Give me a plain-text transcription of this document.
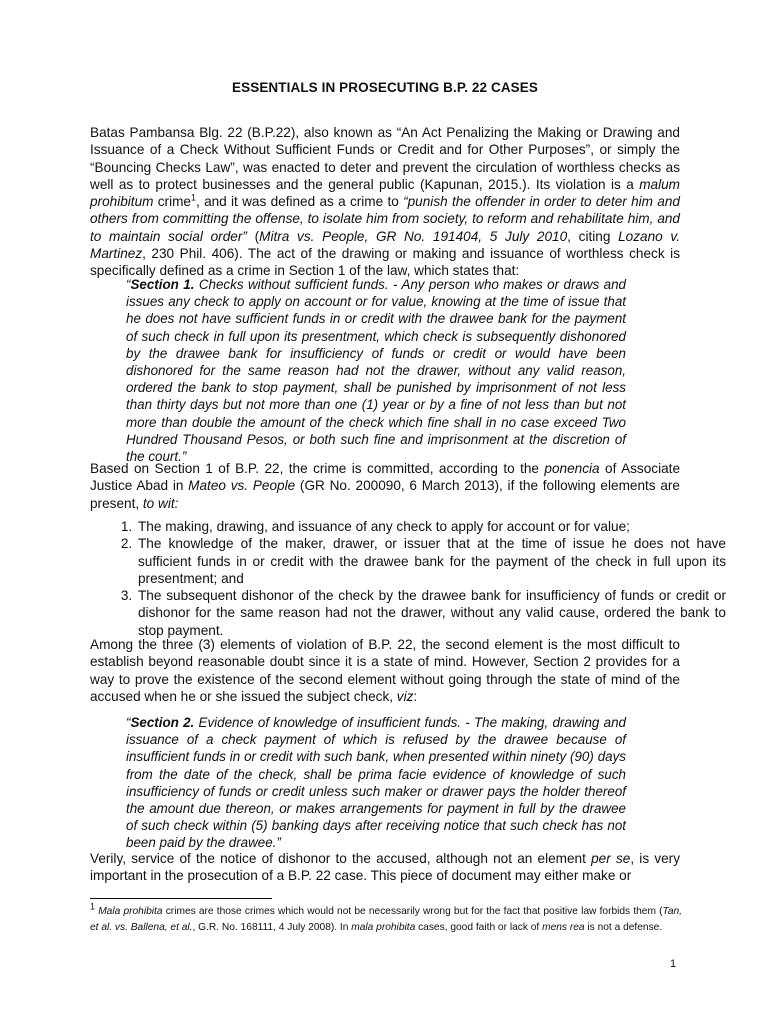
ESSENTIALS IN PROSECUTING B.P. 22 CASES

Batas Pambansa Blg. 22 (B.P.22), also known as “An Act Penalizing the Making or Drawing and Issuance of a Check Without Sufficient Funds or Credit and for Other Purposes”, or simply the “Bouncing Checks Law”, was enacted to deter and prevent the circulation of worthless checks as well as to protect businesses and the general public (Kapunan, 2015.). Its violation is a malum prohibitum crime$^1$, and it was defined as a crime to “punish the offender in order to deter him and others from committing the offense, to isolate him from society, to reform and rehabilitate him, and to maintain social order” (Mitra vs. People, GR No. 191404, 5 July 2010, citing Lozano v. Martinez, 230 Phil. 406). The act of the drawing or making and issuance of worthless check is specifically defined as a crime in Section 1 of the law, which states that:

“Section 1. Checks without sufficient funds. - Any person who makes or draws and issues any check to apply on account or for value, knowing at the time of issue that he does not have sufficient funds in or credit with the drawee bank for the payment of such check in full upon its presentment, which check is subsequently dishonored by the drawee bank for insufficiency of funds or credit or would have been dishonored for the same reason had not the drawer, without any valid reason, ordered the bank to stop payment, shall be punished by imprisonment of not less than thirty days but not more than one (1) year or by a fine of not less than but not more than double the amount of the check which fine shall in no case exceed Two Hundred Thousand Pesos, or both such fine and imprisonment at the discretion of the court.”

Based on Section 1 of B.P. 22, the crime is committed, according to the ponencia of Associate Justice Abad in Mateo vs. People (GR No. 200090, 6 March 2013), if the following elements are present, to wit:

1. The making, drawing, and issuance of any check to apply for account or for value;
2. The knowledge of the maker, drawer, or issuer that at the time of issue he does not have sufficient funds in or credit with the drawee bank for the payment of the check in full upon its presentment; and
3. The subsequent dishonor of the check by the drawee bank for insufficiency of funds or credit or dishonor for the same reason had not the drawer, without any valid cause, ordered the bank to stop payment.

Among the three (3) elements of violation of B.P. 22, the second element is the most difficult to establish beyond reasonable doubt since it is a state of mind. However, Section 2 provides for a way to prove the existence of the second element without going through the state of mind of the accused when he or she issued the subject check, viz:

“Section 2. Evidence of knowledge of insufficient funds. - The making, drawing and issuance of a check payment of which is refused by the drawee because of insufficient funds in or credit with such bank, when presented within ninety (90) days from the date of the check, shall be prima facie evidence of knowledge of such insufficiency of funds or credit unless such maker or drawer pays the holder thereof the amount due thereon, or makes arrangements for payment in full by the drawee of such check within (5) banking days after receiving notice that such check has not been paid by the drawee.”

Verily, service of the notice of dishonor to the accused, although not an element per se, is very important in the prosecution of a B.P. 22 case. This piece of document may either make or

$^1$ Mala prohibita crimes are those crimes which would not be necessarily wrong but for the fact that positive law forbids them (Tan, et al. vs. Ballena, et al., G.R. No. 168111, 4 July 2008). In mala prohibita cases, good faith or lack of mens rea is not a defense.

1
